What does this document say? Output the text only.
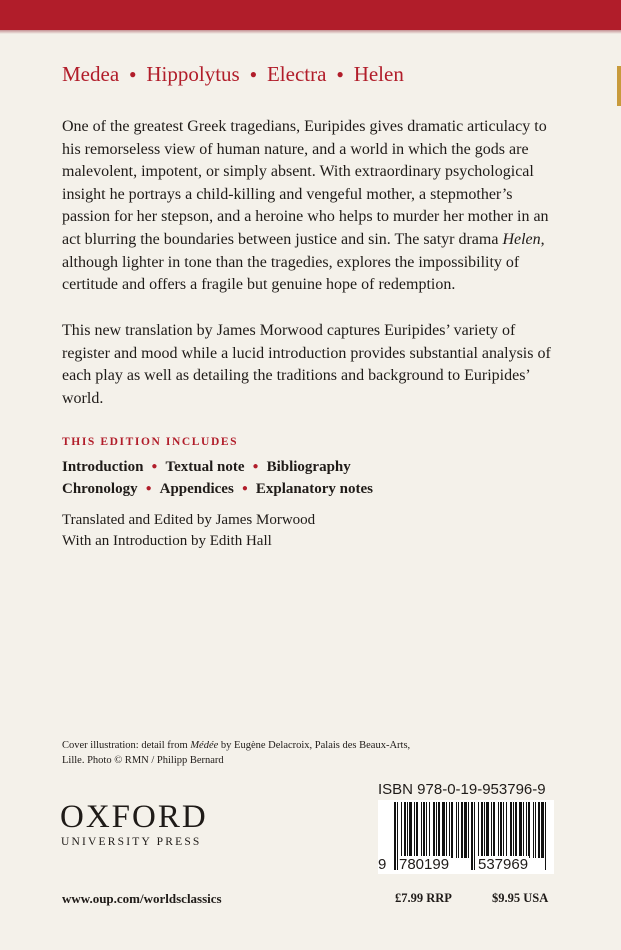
Medea ● Hippolytus ● Electra ● Helen

One of the greatest Greek tragedians, Euripides gives dramatic articulacy to his remorseless view of human nature, and a world in which the gods are malevolent, impotent, or simply absent. With extraordinary psychological insight he portrays a child-killing and vengeful mother, a stepmother’s passion for her stepson, and a heroine who helps to murder her mother in an act blurring the boundaries between justice and sin. The satyr drama Helen, although lighter in tone than the tragedies, explores the impossibility of certitude and offers a fragile but genuine hope of redemption.

This new translation by James Morwood captures Euripides’ variety of register and mood while a lucid introduction provides substantial analysis of each play as well as detailing the traditions and background to Euripides’ world.

THIS EDITION INCLUDES
Introduction ● Textual note ● Bibliography
Chronology ● Appendices ● Explanatory notes
Translated and Edited by James Morwood
With an Introduction by Edith Hall
Cover illustration: detail from Médée by Eugène Delacroix, Palais des Beaux-Arts, Lille. Photo © RMN / Philipp Bernard
OXFORD
UNIVERSITY PRESS
www.oup.com/worldsclassics
ISBN 978-0-19-953796-9
9 780199 537969
£7.99 RRP	$9.95 USA
